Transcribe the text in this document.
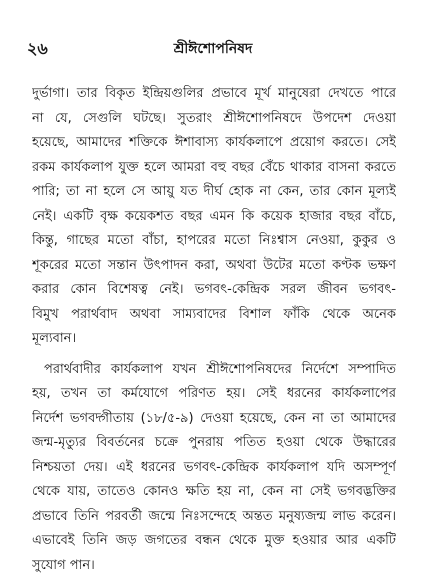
২৬	শ্রীঈশোপনিষদ
দুর্ভাগা। তার বিকৃত ইন্দ্রিয়গুলির প্রভাবে মূর্খ মানুষেরা দেখতে পারে
না যে, সেগুলি ঘটছে। সুতরাং শ্রীঈশোপনিষদে উপদেশ দেওয়া
হয়েছে, আমাদের শক্তিকে ঈশাবাস্য কার্যকলাপে প্রয়োগ করতে। সেই
রকম কার্যকলাপ যুক্ত হলে আমরা বহু বছর বেঁচে থাকার বাসনা করতে
পারি; তা না হলে সে আয়ু যত দীর্ঘ হোক না কেন, তার কোন মূল্যই
নেই। একটি বৃক্ষ কয়েকশত বছর এমন কি কয়েক হাজার বছর বাঁচে,
কিন্তু, গাছের মতো বাঁচা, হাপরের মতো নিঃশ্বাস নেওয়া, কুকুর ও
শূকরের মতো সন্তান উৎপাদন করা, অথবা উটের মতো কণ্টক ভক্ষণ
করার কোন বিশেষত্ব নেই। ভগবৎ-কেন্দ্রিক সরল জীবন ভগবৎ-
বিমুখ পরার্থবাদ অথবা সাম্যবাদের বিশাল ফাঁকি থেকে অনেক
মূল্যবান।
পরার্থবাদীর কার্যকলাপ যখন শ্রীঈশোপনিষদের নির্দেশে সম্পাদিত
হয়, তখন তা কর্মযোগে পরিণত হয়। সেই ধরনের কার্যকলাপের
নির্দেশ ভগবদ্গীতায় (১৮/৫-৯) দেওয়া হয়েছে, কেন না তা আমাদের
জন্ম-মৃত্যুর বিবর্তনের চক্রে পুনরায় পতিত হওয়া থেকে উদ্ধারের
নিশ্চয়তা দেয়। এই ধরনের ভগবৎ-কেন্দ্রিক কার্যকলাপ যদি অসম্পূর্ণ
থেকে যায়, তাতেও কোনও ক্ষতি হয় না, কেন না সেই ভগবদ্ভক্তির
প্রভাবে তিনি পরবর্তী জন্মে নিঃসন্দেহে অন্তত মনুষ্যজন্ম লাভ করেন।
এভাবেই তিনি জড় জগতের বন্ধন থেকে মুক্ত হওয়ার আর একটি
সুযোগ পান।
